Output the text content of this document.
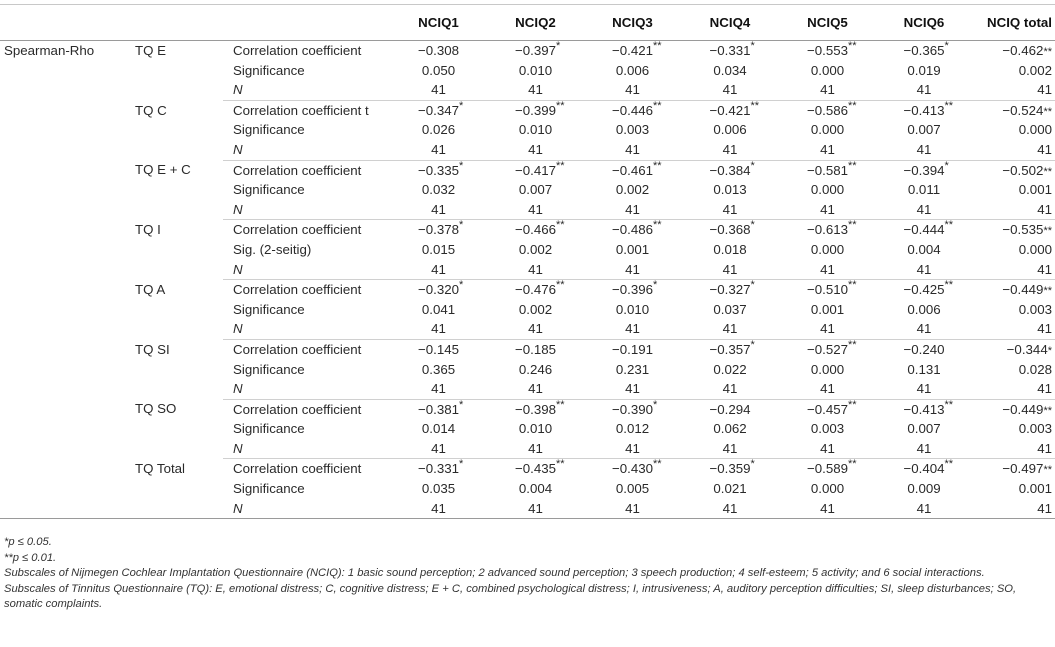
			NCIQ1	NCIQ2	NCIQ3	NCIQ4	NCIQ5	NCIQ6	NCIQ total
Spearman-Rho	TQ E	Correlation coefficient	−0.308	−0.397 *	−0.421 **	−0.331 *	−0.553 **	−0.365 *	−0.462**
		Significance	0.050	0.010	0.006	0.034	0.000	0.019	0.002
		N	41	41	41	41	41	41	41
	TQ C	Correlation coefficient t	−0.347 *	−0.399 **	−0.446 **	−0.421 **	−0.586 **	−0.413 **	−0.524**
		Significance	0.026	0.010	0.003	0.006	0.000	0.007	0.000
		N	41	41	41	41	41	41	41
	TQ E + C	Correlation coefficient	−0.335 *	−0.417 **	−0.461 **	−0.384 *	−0.581 **	−0.394 *	−0.502**
		Significance	0.032	0.007	0.002	0.013	0.000	0.011	0.001
		N	41	41	41	41	41	41	41
	TQ I	Correlation coefficient	−0.378 *	−0.466 **	−0.486 **	−0.368 *	−0.613 **	−0.444 **	−0.535**
		Sig. (2-seitig)	0.015	0.002	0.001	0.018	0.000	0.004	0.000
		N	41	41	41	41	41	41	41
	TQ A	Correlation coefficient	−0.320 *	−0.476 **	−0.396 *	−0.327 *	−0.510 **	−0.425 **	−0.449**
		Significance	0.041	0.002	0.010	0.037	0.001	0.006	0.003
		N	41	41	41	41	41	41	41
	TQ SI	Correlation coefficient	−0.145	−0.185	−0.191	−0.357 *	−0.527 **	−0.240	−0.344*
		Significance	0.365	0.246	0.231	0.022	0.000	0.131	0.028
		N	41	41	41	41	41	41	41
	TQ SO	Correlation coefficient	−0.381 *	−0.398 **	−0.390 *	−0.294	−0.457 **	−0.413 **	−0.449**
		Significance	0.014	0.010	0.012	0.062	0.003	0.007	0.003
		N	41	41	41	41	41	41	41
	TQ Total	Correlation coefficient	−0.331 *	−0.435 **	−0.430 **	−0.359 *	−0.589 **	−0.404 **	−0.497**
		Significance	0.035	0.004	0.005	0.021	0.000	0.009	0.001
		N	41	41	41	41	41	41	41

*p ≤ 0.05.

**p ≤ 0.01.

Subscales of Nijmegen Cochlear Implantation Questionnaire (NCIQ): 1 basic sound perception; 2 advanced sound perception; 3 speech production; 4 self-esteem; 5 activity; and 6 social interactions.

Subscales of Tinnitus Questionnaire (TQ): E, emotional distress; C, cognitive distress; E + C, combined psychological distress; I, intrusiveness; A, auditory perception difficulties; SI, sleep disturbances; SO, somatic complaints.
